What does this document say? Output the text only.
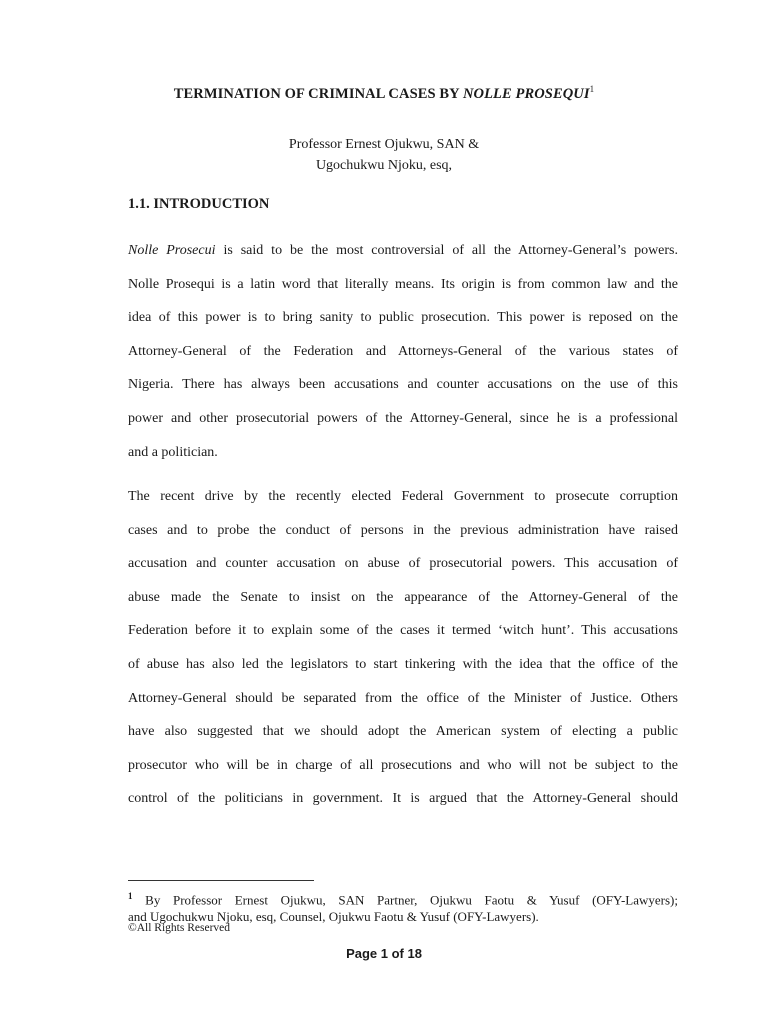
TERMINATION OF CRIMINAL CASES BY NOLLE PROSEQUI$^1$
Professor Ernest Ojukwu, SAN &
Ugochukwu Njoku, esq,
1.1. INTRODUCTION
Nolle Prosecui is said to be the most controversial of all the Attorney-General’s powers.
Nolle Prosequi is a latin word that literally means. Its origin is from common law and the
idea of this power is to bring sanity to public prosecution. This power is reposed on the
Attorney-General of the Federation and Attorneys-General of the various states of
Nigeria. There has always been accusations and counter accusations on the use of this
power and other prosecutorial powers of the Attorney-General, since he is a professional
and a politician.
The recent drive by the recently elected Federal Government to prosecute corruption
cases and to probe the conduct of persons in the previous administration have raised
accusation and counter accusation on abuse of prosecutorial powers. This accusation of
abuse made the Senate to insist on the appearance of the Attorney-General of the
Federation before it to explain some of the cases it termed ‘witch hunt’. This accusations
of abuse has also led the legislators to start tinkering with the idea that the office of the
Attorney-General should be separated from the office of the Minister of Justice. Others
have also suggested that we should adopt the American system of electing a public
prosecutor who will be in charge of all prosecutions and who will not be subject to the
control of the politicians in government. It is argued that the Attorney-General should
$^1$ By Professor Ernest Ojukwu, SAN Partner, Ojukwu Faotu & Yusuf (OFY-Lawyers);
and Ugochukwu Njoku, esq, Counsel, Ojukwu Faotu & Yusuf (OFY-Lawyers).
©All Rights Reserved
Page 1 of 18
